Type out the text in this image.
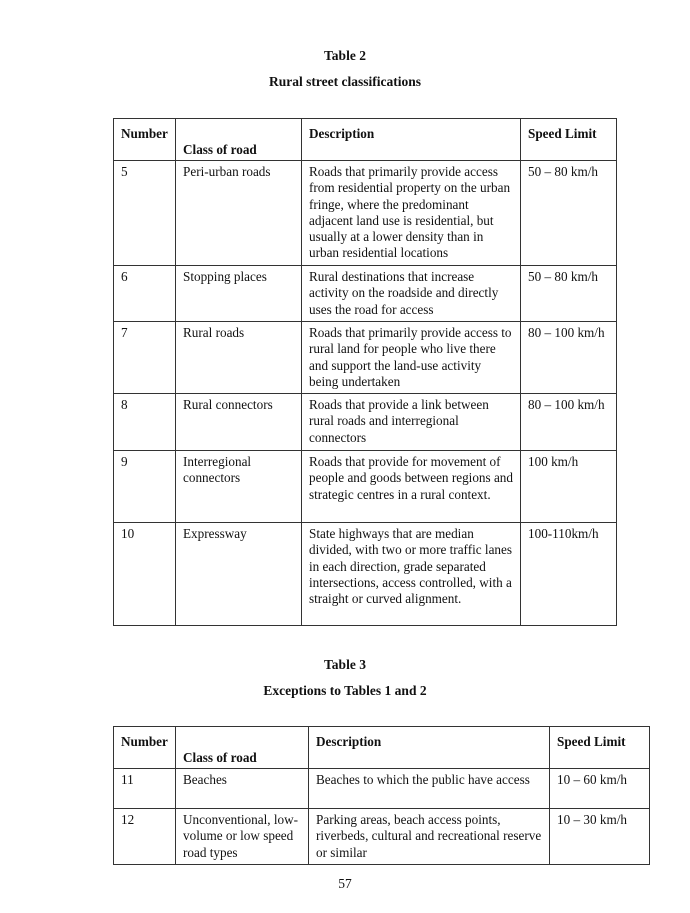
Table 2
Rural street classifications
Number	Class of road	Description	Speed Limit
5	Peri-urban roads	Roads that primarily provide access from residential property on the urban fringe, where the predominant adjacent land use is residential, but usually at a lower density than in urban residential locations	50 – 80 km/h
6	Stopping places	Rural destinations that increase activity on the roadside and directly uses the road for access	50 – 80 km/h
7	Rural roads	Roads that primarily provide access to rural land for people who live there and support the land-use activity being undertaken	80 – 100 km/h
8	Rural connectors	Roads that provide a link between rural roads and interregional connectors	80 – 100 km/h
9	Interregional connectors	Roads that provide for movement of people and goods between regions and strategic centres in a rural context.	100 km/h
10	Expressway	State highways that are median divided, with two or more traffic lanes in each direction, grade separated intersections, access controlled, with a straight or curved alignment.	100-110km/h
Table 3
Exceptions to Tables 1 and 2
Number	Class of road	Description	Speed Limit
11	Beaches	Beaches to which the public have access	10 – 60 km/h
12	Unconventional, low-volume or low speed road types	Parking areas, beach access points, riverbeds, cultural and recreational reserve or similar	10 – 30 km/h
57
